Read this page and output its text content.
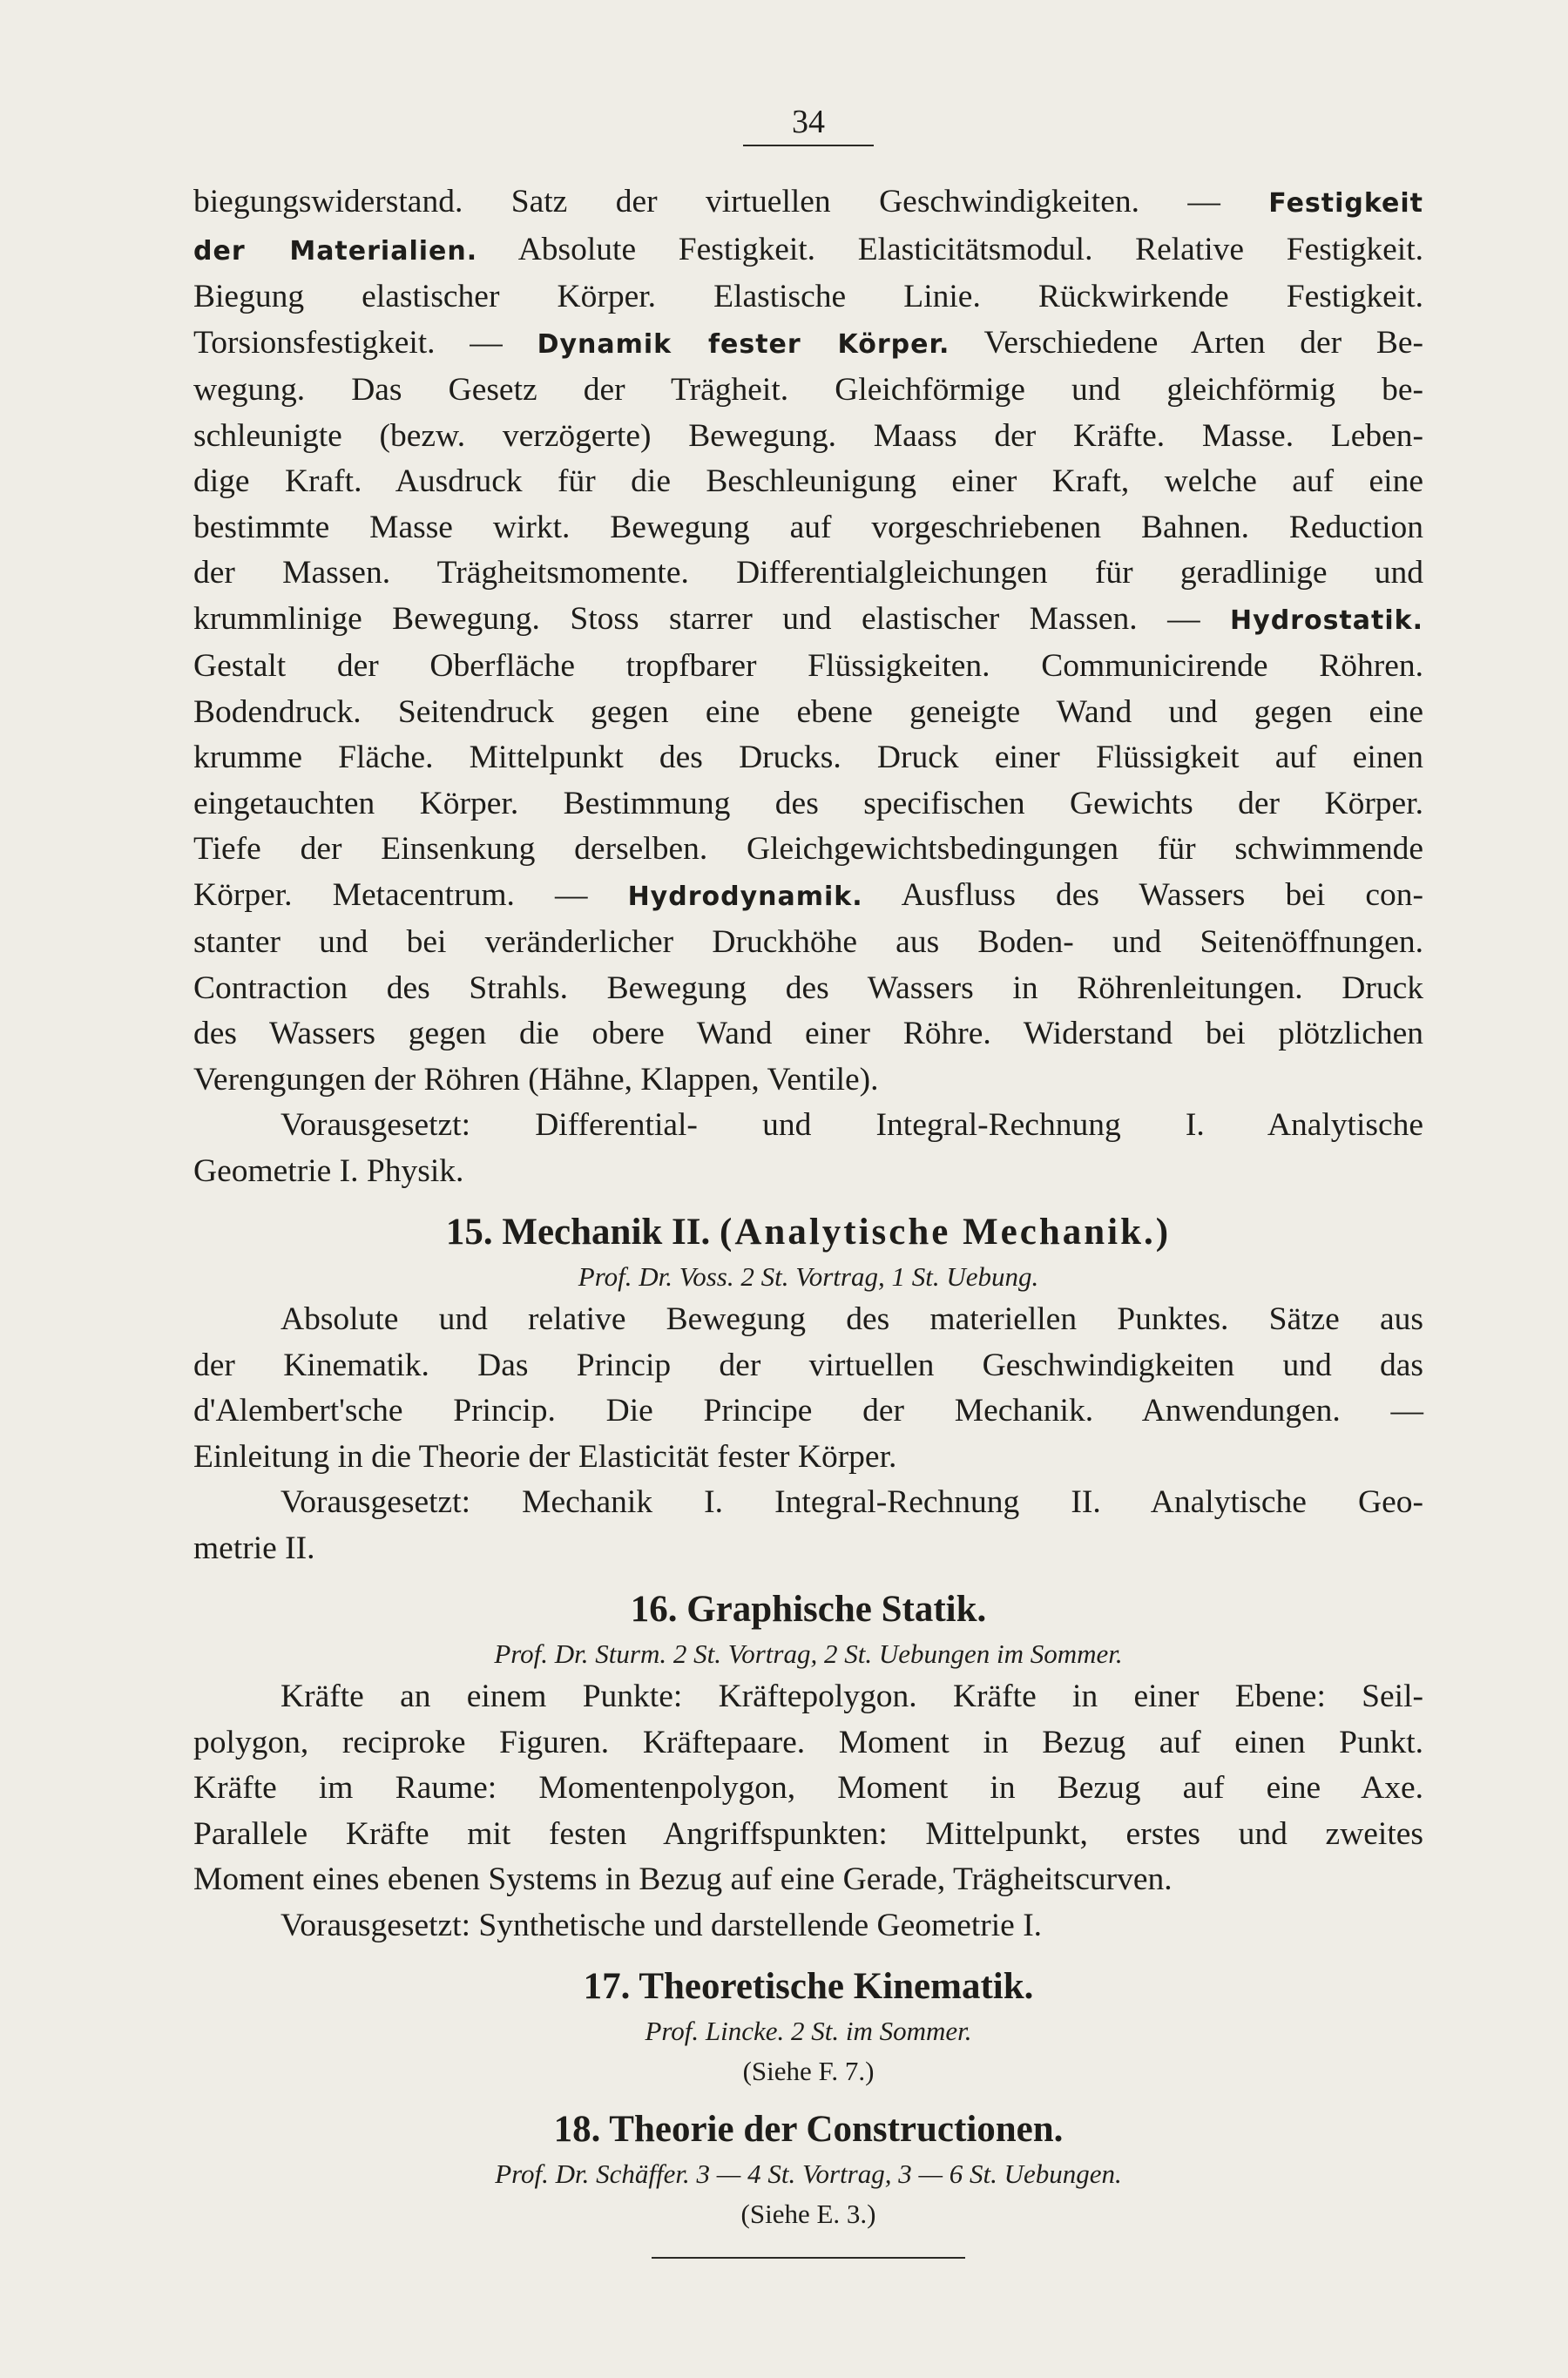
34
biegungswiderstand. Satz der virtuellen Geschwindigkeiten. — Festigkeit
der Materialien. Absolute Festigkeit. Elasticitätsmodul. Relative Festigkeit.
Biegung elastischer Körper. Elastische Linie. Rückwirkende Festigkeit.
Torsionsfestigkeit. — Dynamik fester Körper. Verschiedene Arten der Be-
wegung. Das Gesetz der Trägheit. Gleichförmige und gleichförmig be-
schleunigte (bezw. verzögerte) Bewegung. Maass der Kräfte. Masse. Leben-
dige Kraft. Ausdruck für die Beschleunigung einer Kraft, welche auf eine
bestimmte Masse wirkt. Bewegung auf vorgeschriebenen Bahnen. Reduction
der Massen. Trägheitsmomente. Differentialgleichungen für geradlinige und
krummlinige Bewegung. Stoss starrer und elastischer Massen. — Hydrostatik.
Gestalt der Oberfläche tropfbarer Flüssigkeiten. Communicirende Röhren.
Bodendruck. Seitendruck gegen eine ebene geneigte Wand und gegen eine
krumme Fläche. Mittelpunkt des Drucks. Druck einer Flüssigkeit auf einen
eingetauchten Körper. Bestimmung des specifischen Gewichts der Körper.
Tiefe der Einsenkung derselben. Gleichgewichtsbedingungen für schwimmende
Körper. Metacentrum. — Hydrodynamik. Ausfluss des Wassers bei con-
stanter und bei veränderlicher Druckhöhe aus Boden- und Seitenöffnungen.
Contraction des Strahls. Bewegung des Wassers in Röhrenleitungen. Druck
des Wassers gegen die obere Wand einer Röhre. Widerstand bei plötzlichen
Verengungen der Röhren (Hähne, Klappen, Ventile).
Vorausgesetzt: Differential- und Integral-Rechnung I. Analytische
Geometrie I. Physik.
15. Mechanik II. (Analytische Mechanik.)
Prof. Dr. Voss. 2 St. Vortrag, 1 St. Uebung.
Absolute und relative Bewegung des materiellen Punktes. Sätze aus
der Kinematik. Das Princip der virtuellen Geschwindigkeiten und das
d'Alembert'sche Princip. Die Principe der Mechanik. Anwendungen. —
Einleitung in die Theorie der Elasticität fester Körper.
Vorausgesetzt: Mechanik I. Integral-Rechnung II. Analytische Geo-
metrie II.
16. Graphische Statik.
Prof. Dr. Sturm. 2 St. Vortrag, 2 St. Uebungen im Sommer.
Kräfte an einem Punkte: Kräftepolygon. Kräfte in einer Ebene: Seil-
polygon, reciproke Figuren. Kräftepaare. Moment in Bezug auf einen Punkt.
Kräfte im Raume: Momentenpolygon, Moment in Bezug auf eine Axe.
Parallele Kräfte mit festen Angriffspunkten: Mittelpunkt, erstes und zweites
Moment eines ebenen Systems in Bezug auf eine Gerade, Trägheitscurven.
Vorausgesetzt: Synthetische und darstellende Geometrie I.
17. Theoretische Kinematik.
Prof. Lincke. 2 St. im Sommer.
(Siehe F. 7.)
18. Theorie der Constructionen.
Prof. Dr. Schäffer. 3 — 4 St. Vortrag, 3 — 6 St. Uebungen.
(Siehe E. 3.)
